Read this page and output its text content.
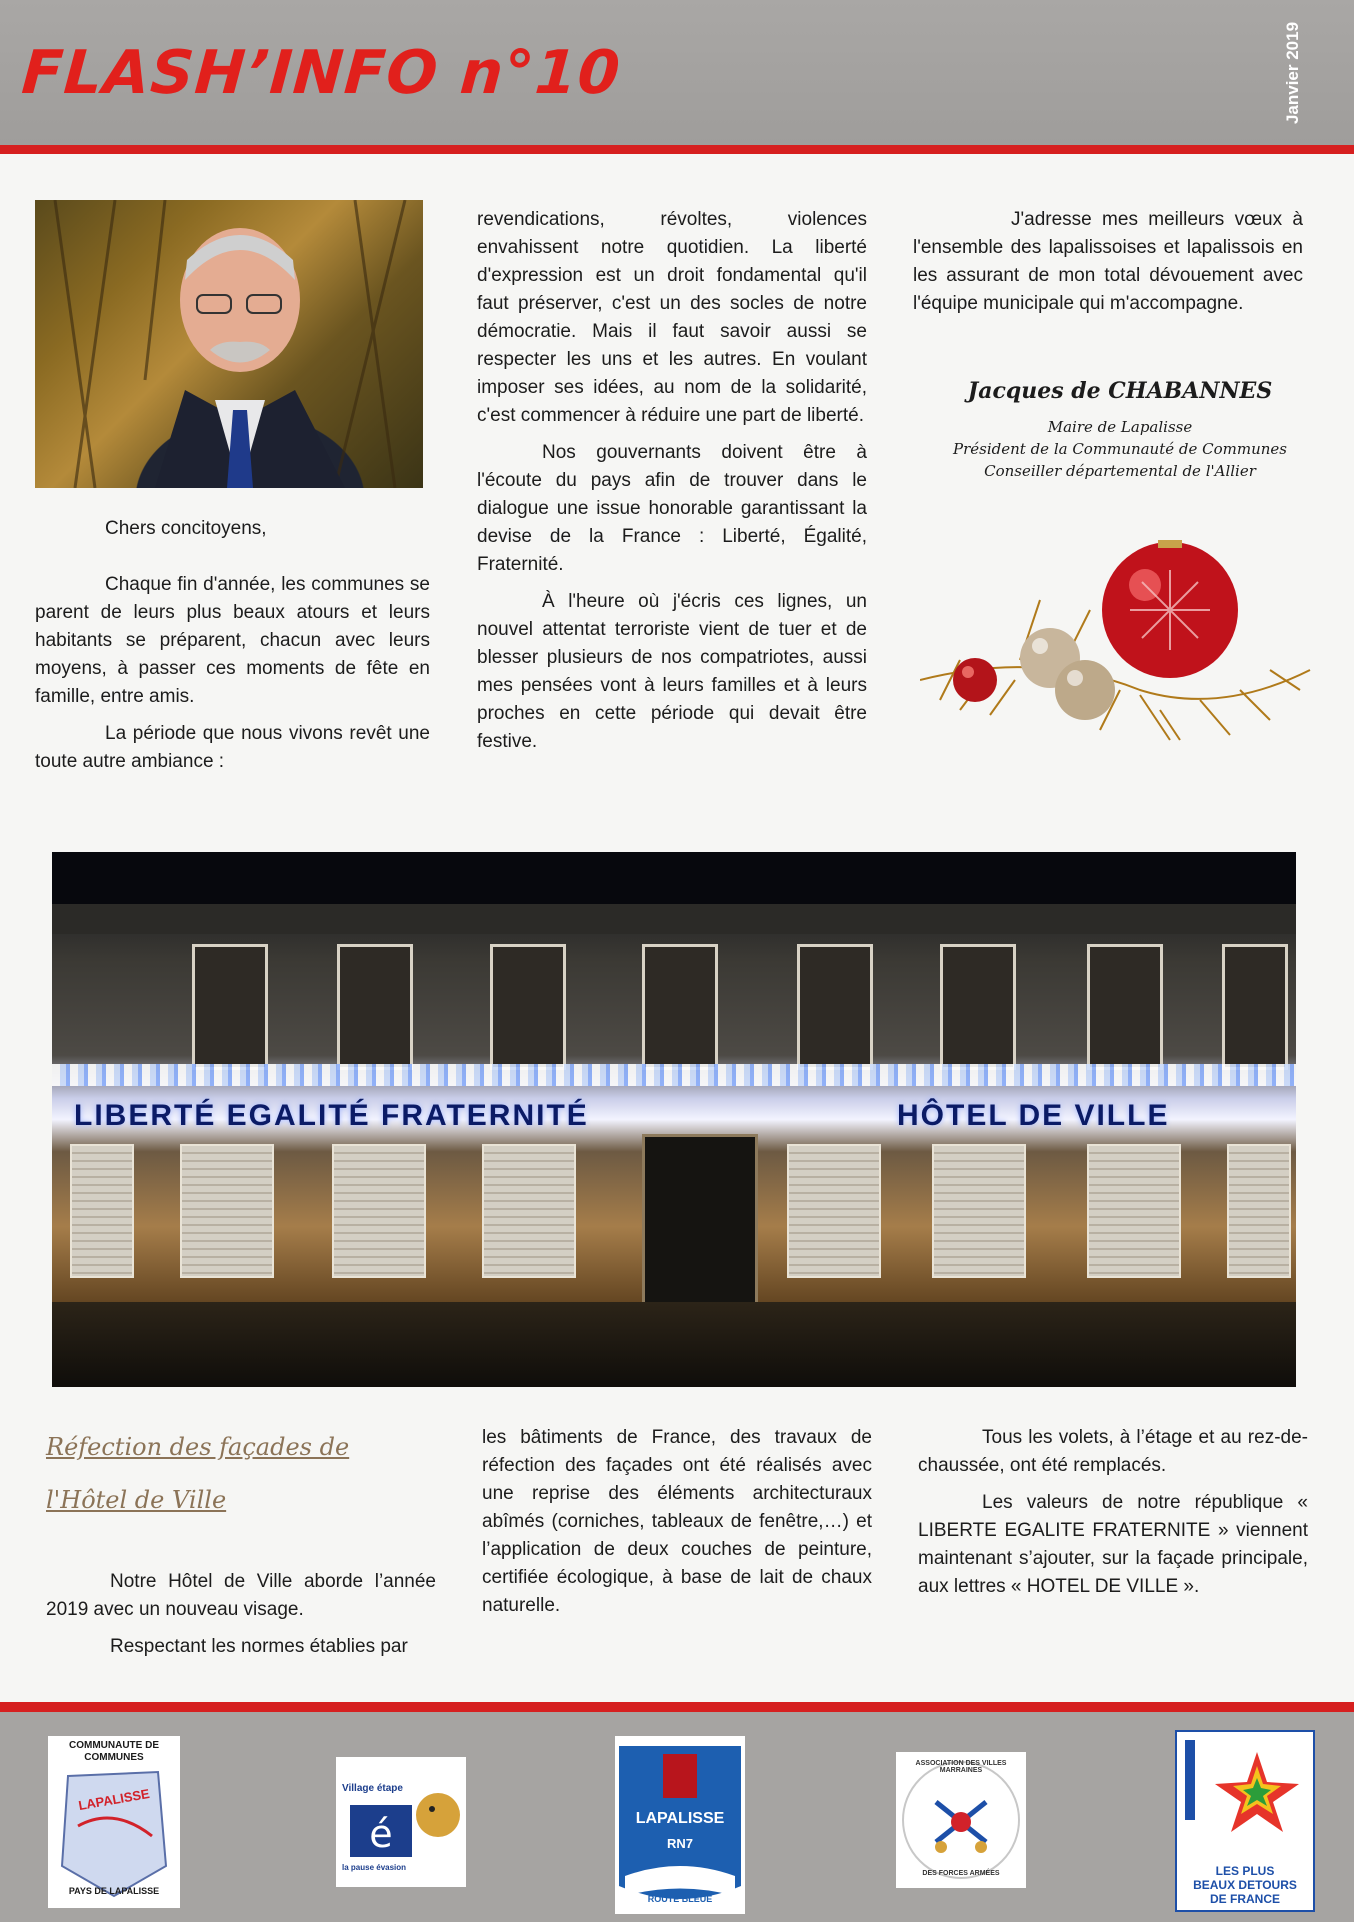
FLASH’INFO n°10	Janvier 2019

Chers concitoyens,

Chaque fin d'année, les communes se parent de leurs plus beaux atours et leurs habitants se préparent, chacun avec leurs moyens, à passer ces moments de fête en famille, entre amis.

La période que nous vivons revêt une toute autre ambiance :

revendications, révoltes, violences envahissent notre quotidien. La liberté d'expression est un droit fondamental qu'il faut préserver, c'est un des socles de notre démocratie. Mais il faut savoir aussi se respecter les uns et les autres. En voulant imposer ses idées, au nom de la solidarité, c'est commencer à réduire une part de liberté.

Nos gouvernants doivent être à l'écoute du pays afin de trouver dans le dialogue une issue honorable garantissant la devise de la France : Liberté, Égalité, Fraternité.

À l'heure où j'écris ces lignes, un nouvel attentat terroriste vient de tuer et de blesser plusieurs de nos compatriotes, aussi mes pensées vont à leurs familles et à leurs proches en cette période qui devait être festive.

J'adresse mes meilleurs vœux à l'ensemble des lapalissoises et lapalissois en les assurant de mon total dévouement avec l'équipe municipale qui m'accompagne.

Jacques de CHABANNES
Maire de Lapalisse
Président de la Communauté de Communes
Conseiller départemental de l'Allier
LIBERTÉ EGALITÉ FRATERNITÉ	HÔTEL DE VILLE
Réfection des façades de
l'Hôtel de Ville

Notre Hôtel de Ville aborde l’année 2019 avec un nouveau visage.

Respectant les normes établies par

les bâtiments de France, des travaux de réfection des façades ont été réalisés avec une reprise des éléments architecturaux abîmés (corniches, tableaux de fenêtre,…) et l’application de deux couches de peinture, certifiée écologique, à base de lait de chaux naturelle.

Tous les volets, à l’étage et au rez-de-chaussée, ont été remplacés.

Les valeurs de notre république « LIBERTE EGALITE FRATERNITE » viennent maintenant s’ajouter, sur la façade principale, aux lettres « HOTEL DE VILLE ».

COMMUNAUTE DE COMMUNES
LAPALISSE
PAYS DE LAPALISSE
Village étape
é
la pause évasion
LAPALISSE
RN7
ROUTE BLEUE
ASSOCIATION DES VILLES MARRAINES
DES FORCES ARMÉES	LES PLUS
BEAUX DETOURS
DE FRANCE
